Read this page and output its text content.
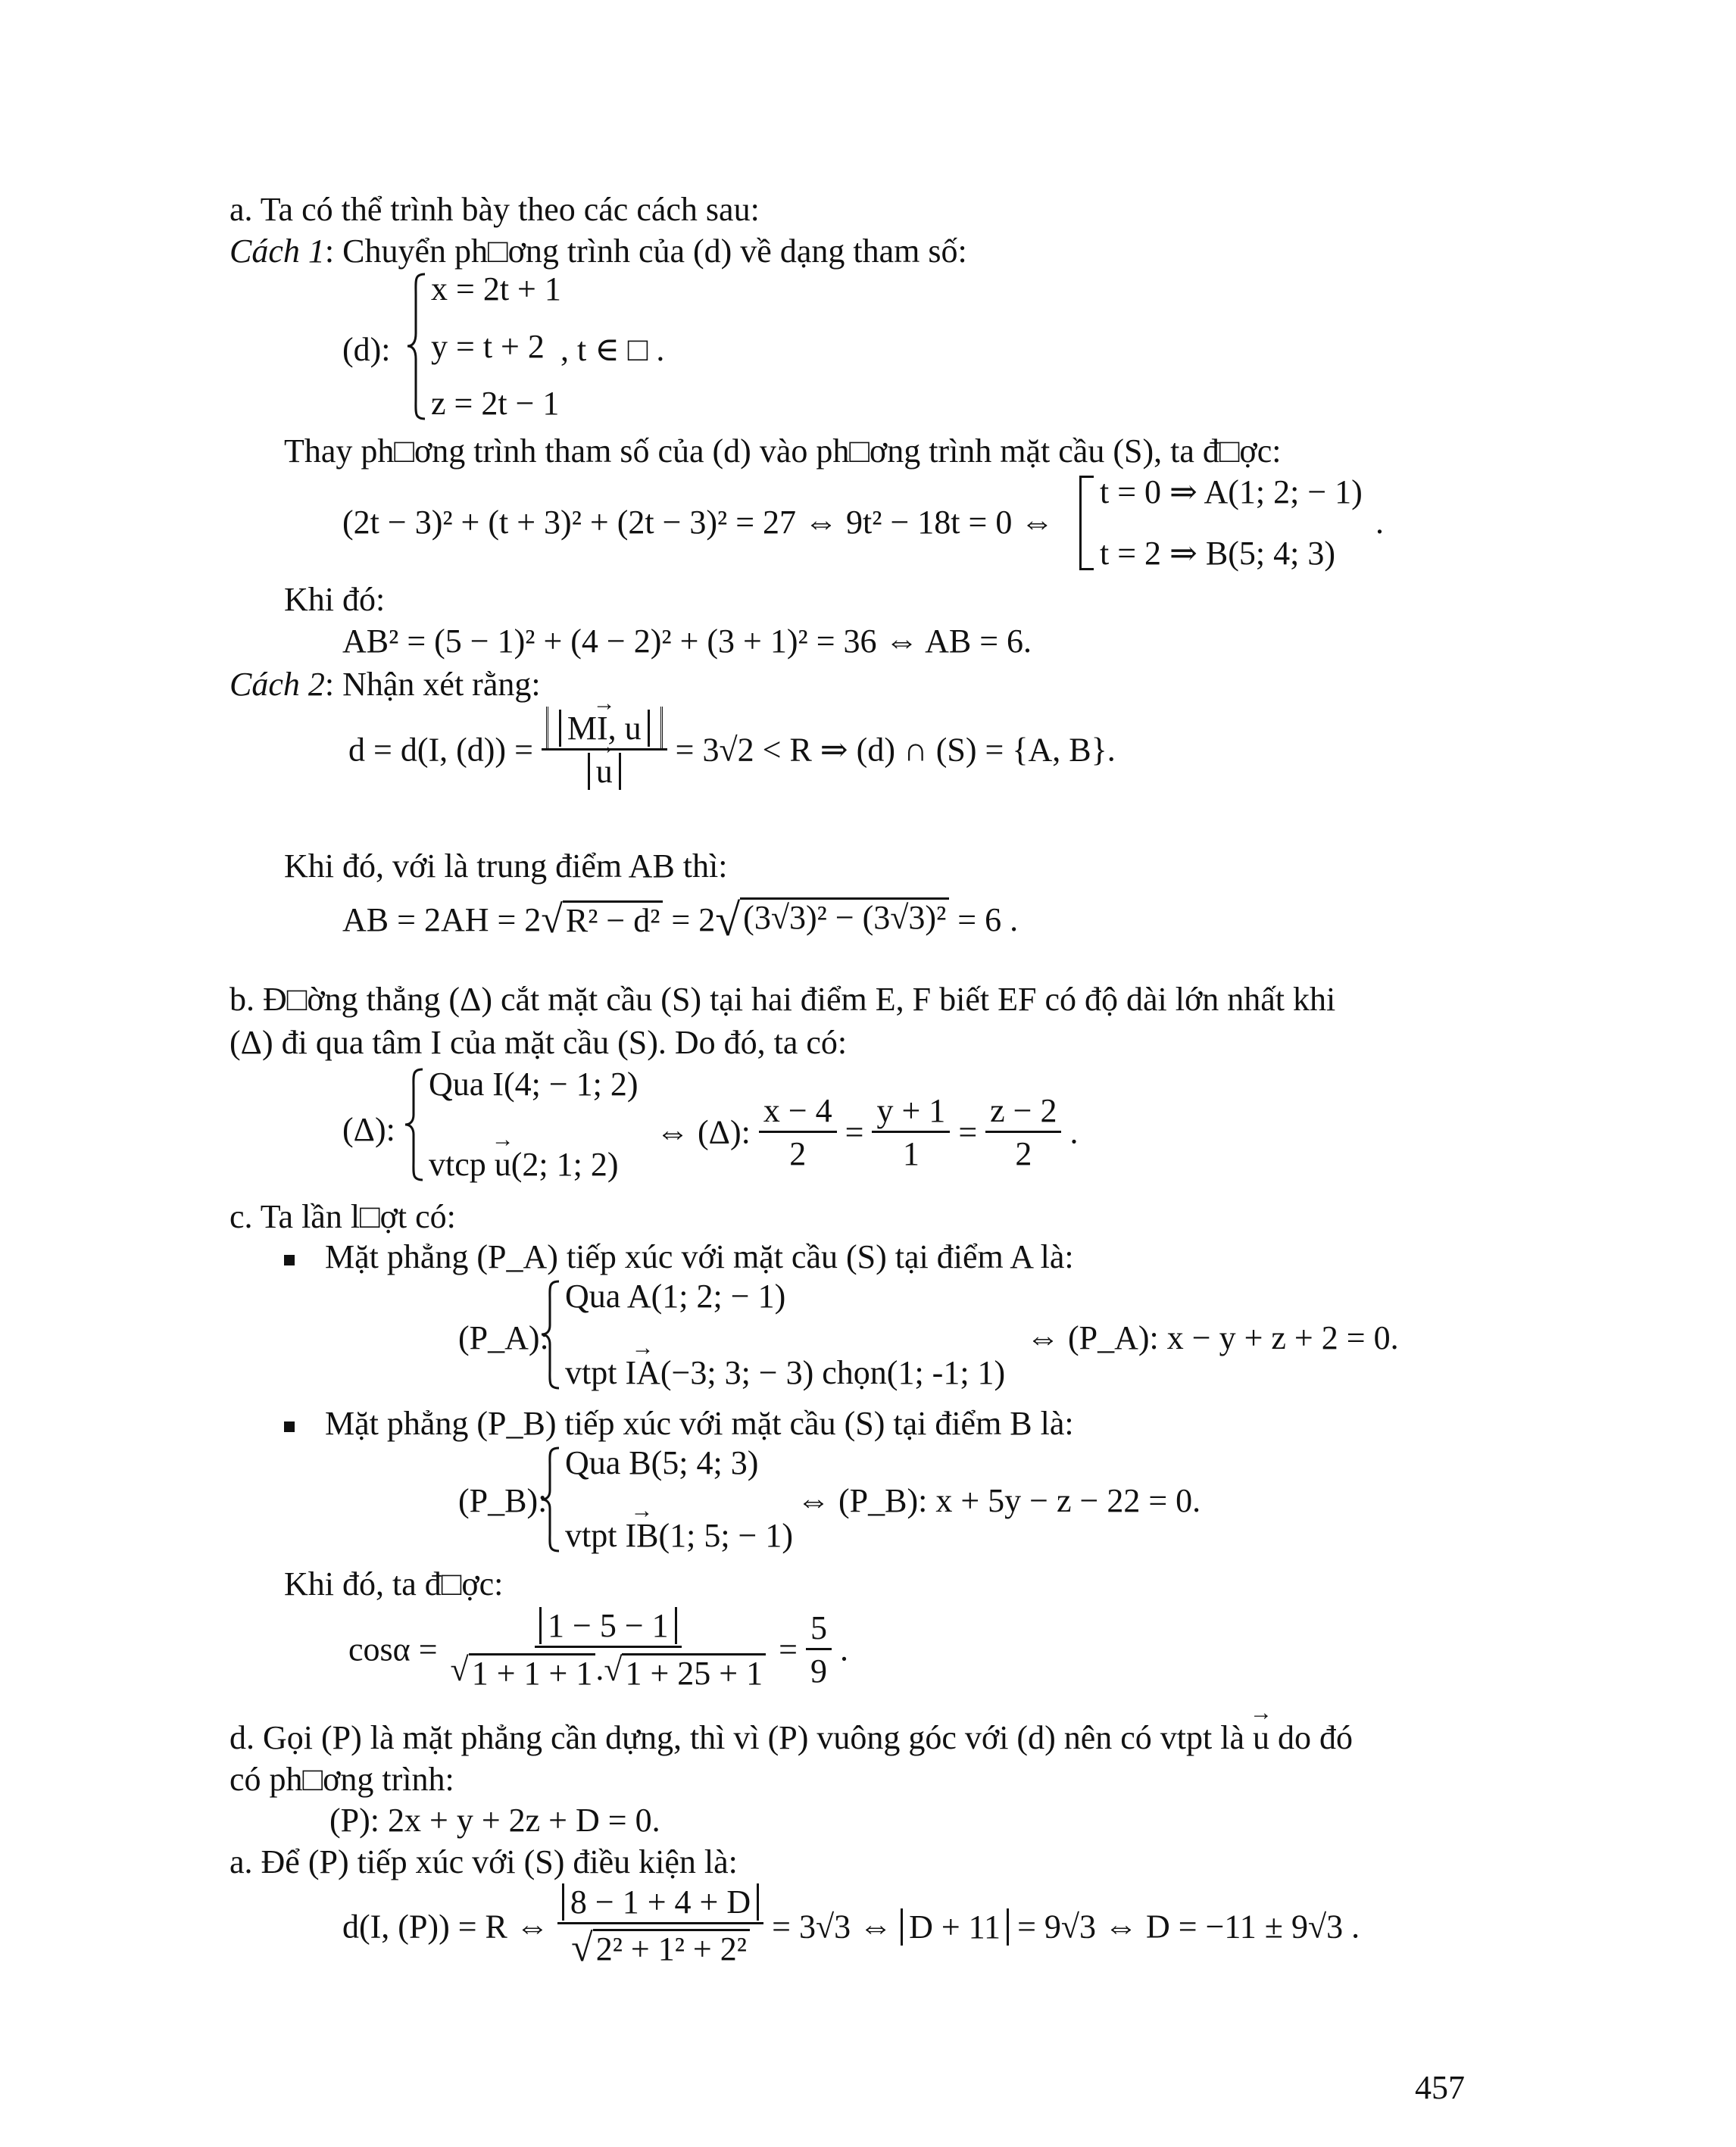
a. Ta có thể trình bày theo các cách sau:
Cách 1: Chuyển ph□ơng trình của (d) về dạng tham số:
(d):
x = 2t + 1
y = t + 2
z = 2t − 1
, t ∈ □ .
Thay ph□ơng trình tham số của (d) vào ph□ơng trình mặt cầu (S), ta đ□ợc:
(2t − 3)² + (t + 3)² + (2t − 3)² = 27 ⇔ 9t² − 18t = 0 ⇔
t = 0 ⇒ A(1; 2; − 1)
t = 2 ⇒ B(5; 4; 3)
.
Khi đó:
AB² = (5 − 1)² + (4 − 2)² + (3 + 1)² = 36 ⇔ AB = 6.
Cách 2: Nhận xét rằng:
d = d(I, (d)) =
→ MI, u
→ u = 3√2 < R ⇒ (d) ∩ (S) = {A, B}.
Khi đó, với là trung điểm AB thì:
AB = 2AH = 2 √ R² − d² = 2 √ (3√3)² − (3√3)² = 6 .
b. Đ□ờng thẳng (Δ) cắt mặt cầu (S) tại hai điểm E, F biết EF có độ dài lớn nhất khi
(Δ) đi qua tâm I của mặt cầu (S). Do đó, ta có:
(Δ):
Qua I(4; − 1; 2)
vtcp → u(2; 1; 2)
⇔ (Δ): $\frac{x - 4}{2} = \frac{y + 1}{1} = \frac{z - 2}{2}$ .
c. Ta lần l□ợt có:
Mặt phẳng (P_A) tiếp xúc với mặt cầu (S) tại điểm A là:
(P_A):
Qua A(1; 2; − 1)
vtpt → IA(−3; 3; − 3) chọn(1; -1; 1)
⇔ (P_A): x − y + z + 2 = 0.
Mặt phẳng (P_B) tiếp xúc với mặt cầu (S) tại điểm B là:
(P_B):
Qua B(5; 4; 3)
vtpt → IB(1; 5; − 1)
⇔ (P_B): x + 5y − z − 22 = 0.
Khi đó, ta đ□ợc:
$\cos\alpha = \frac{1 - 5 - 1}{√ 1 + 1 + 1 . √ 1 + 25 + 1} = \frac{5}{9}$ .
d. Gọi (P) là mặt phẳng cần dựng, thì vì (P) vuông góc với (d) nên có vtpt là → u do đó
có ph□ơng trình:
(P): 2x + y + 2z + D = 0.
a. Để (P) tiếp xúc với (S) điều kiện là:
d(I, (P)) = R ⇔ $\frac{8 - 1 + 4 + D}{\text{√ 2² + 1² + 2²}} = 3√3$ ⇔ D + 11 = 9√3 ⇔ D = −11 ± 9√3 .
457
